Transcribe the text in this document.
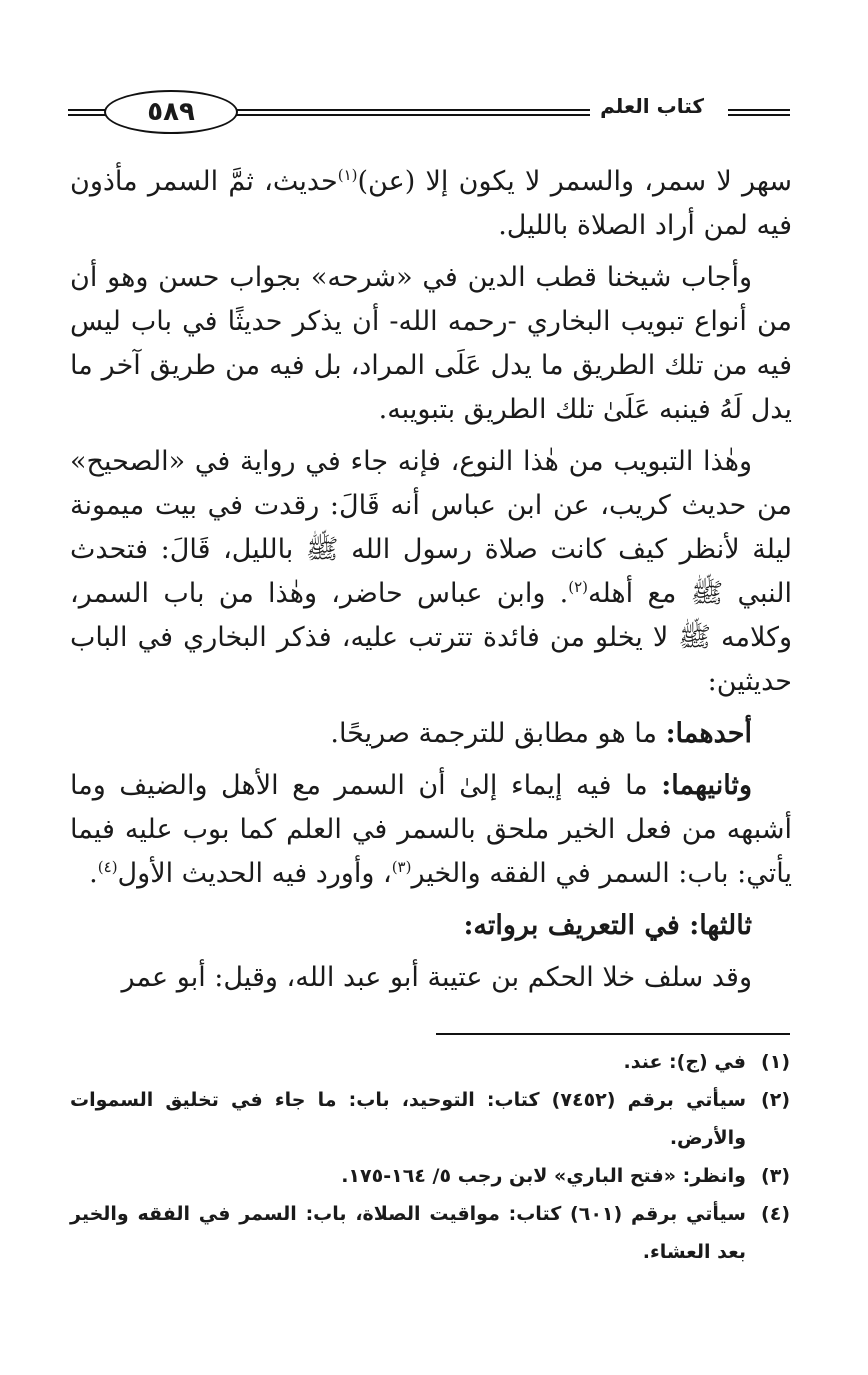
٥٨٩	كتاب العلم

سهر لا سمر، والسمر لا يكون إلا (عن)$^{(١)}$حديث، ثمَّ السمر مأذون فيه لمن أراد الصلاة بالليل.

وأجاب شيخنا قطب الدين في «شرحه» بجواب حسن وهو أن من أنواع تبويب البخاري -رحمه الله- أن يذكر حديثًا في باب ليس فيه من تلك الطريق ما يدل عَلَى المراد، بل فيه من طريق آخر ما يدل لَهُ فينبه عَلَىٰ تلك الطريق بتبويبه.

وهٰذا التبويب من هٰذا النوع، فإنه جاء في رواية في «الصحيح» من حديث كريب، عن ابن عباس أنه قَالَ: رقدت في بيت ميمونة ليلة لأنظر كيف كانت صلاة رسول الله ﷺ بالليل، قَالَ: فتحدث النبي ﷺ مع أهله$^{(٢)}$. وابن عباس حاضر، وهٰذا من باب السمر، وكلامه ﷺ لا يخلو من فائدة تترتب عليه، فذكر البخاري في الباب حديثين:

أحدهما: ما هو مطابق للترجمة صريحًا.

وثانيهما: ما فيه إيماء إلىٰ أن السمر مع الأهل والضيف وما أشبهه من فعل الخير ملحق بالسمر في العلم كما بوب عليه فيما يأتي: باب: السمر في الفقه والخير$^{(٣)}$، وأورد فيه الحديث الأول$^{(٤)}$.

ثالثها: في التعريف برواته:

وقد سلف خلا الحكم بن عتيبة أبو عبد الله، وقيل: أبو عمر

(١)
في (ج): عند.
(٢)
سيأتي برقم (٧٤٥٢) كتاب: التوحيد، باب: ما جاء في تخليق السموات والأرض.
(٣)
وانظر: «فتح الباري» لابن رجب ٥/ ١٦٤-١٧٥.
(٤)
سيأتي برقم (٦٠١) كتاب: مواقيت الصلاة، باب: السمر في الفقه والخير بعد العشاء.
